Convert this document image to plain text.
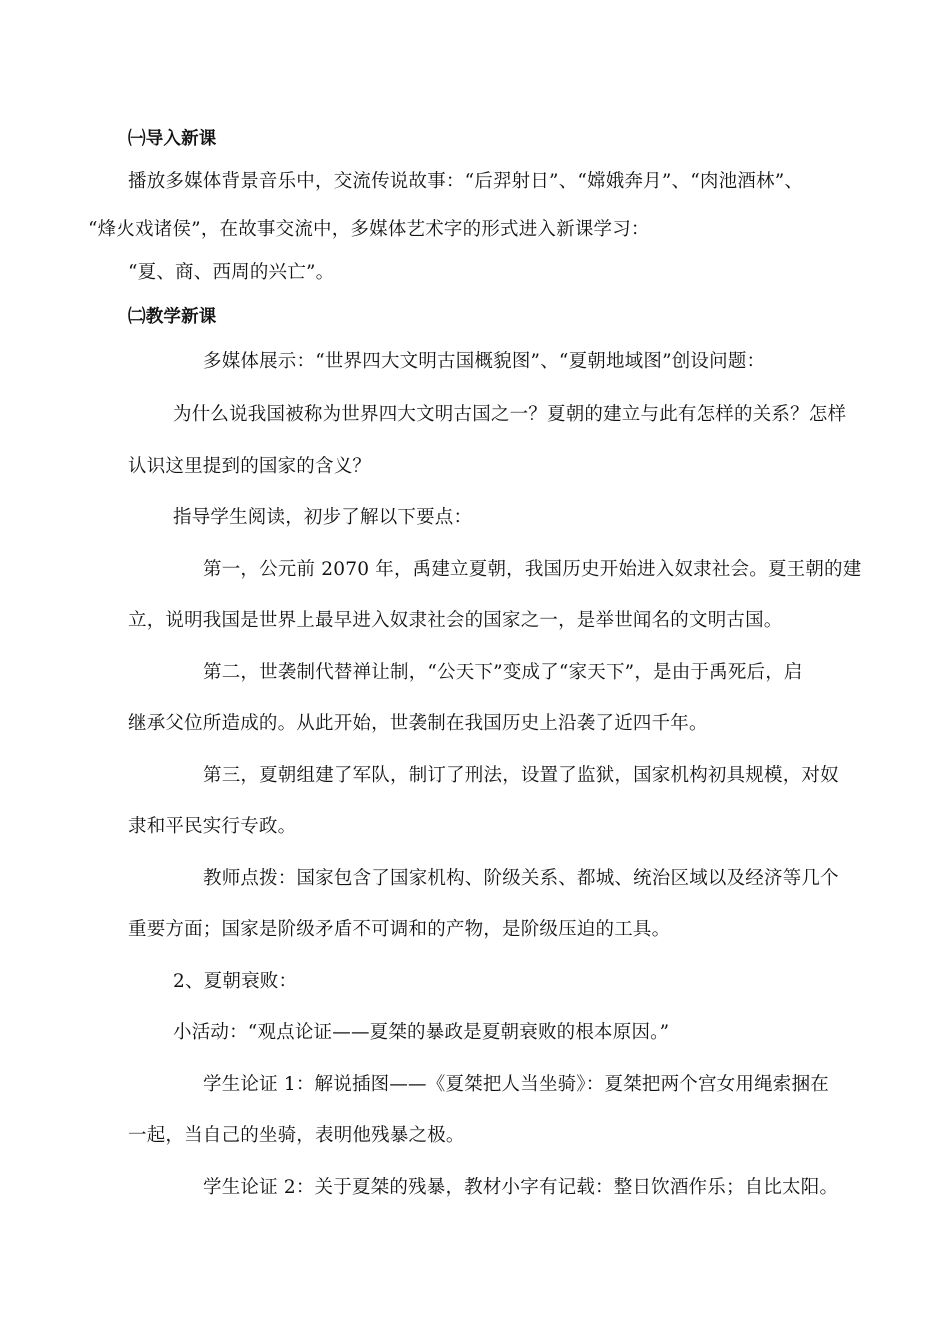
㈠导入新课
播放多媒体背景音乐中，交流传说故事：“后羿射日”、“嫦娥奔月”、“肉池酒林”、
“烽火戏诸侯”，在故事交流中，多媒体艺术字的形式进入新课学习：
“夏、商、西周的兴亡”。
㈡教学新课
多媒体展示：“世界四大文明古国概貌图”、“夏朝地域图”创设问题：
为什么说我国被称为世界四大文明古国之一？夏朝的建立与此有怎样的关系？怎样
认识这里提到的国家的含义？
指导学生阅读，初步了解以下要点：
第一，公元前 2070 年，禹建立夏朝，我国历史开始进入奴隶社会。夏王朝的建
立，说明我国是世界上最早进入奴隶社会的国家之一，是举世闻名的文明古国。
第二，世袭制代替禅让制，“公天下”变成了“家天下”，是由于禹死后，启
继承父位所造成的。从此开始，世袭制在我国历史上沿袭了近四千年。
第三，夏朝组建了军队，制订了刑法，设置了监狱，国家机构初具规模，对奴
隶和平民实行专政。
教师点拨：国家包含了国家机构、阶级关系、都城、统治区域以及经济等几个
重要方面；国家是阶级矛盾不可调和的产物，是阶级压迫的工具。
2、夏朝衰败：
小活动：“观点论证——夏桀的暴政是夏朝衰败的根本原因。”
学生论证 1：解说插图——《夏桀把人当坐骑》：夏桀把两个宫女用绳索捆在
一起，当自己的坐骑，表明他残暴之极。
学生论证 2：关于夏桀的残暴，教材小字有记载：整日饮酒作乐；自比太阳。
